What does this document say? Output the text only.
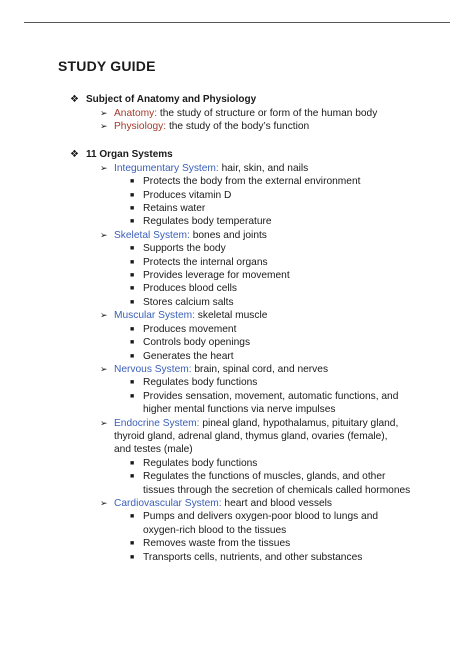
STUDY GUIDE
❖ Subject of Anatomy and Physiology
➢ Anatomy: the study of structure or form of the human body
➢ Physiology: the study of the body’s function
❖ 11 Organ Systems
➢ Integumentary System: hair, skin, and nails
■ Protects the body from the external environment
■ Produces vitamin D
■ Retains water
■ Regulates body temperature
➢ Skeletal System: bones and joints
■ Supports the body
■ Protects the internal organs
■ Provides leverage for movement
■ Produces blood cells
■ Stores calcium salts
➢ Muscular System: skeletal muscle
■ Produces movement
■ Controls body openings
■ Generates the heart
➢ Nervous System: brain, spinal cord, and nerves
■ Regulates body functions
■ Provides sensation, movement, automatic functions, and higher mental functions via nerve impulses
➢ Endocrine System: pineal gland, hypothalamus, pituitary gland, thyroid gland, adrenal gland, thymus gland, ovaries (female), and testes (male)
■ Regulates body functions
■ Regulates the functions of muscles, glands, and other tissues through the secretion of chemicals called hormones
➢ Cardiovascular System: heart and blood vessels
■ Pumps and delivers oxygen-poor blood to lungs and oxygen-rich blood to the tissues
■ Removes waste from the tissues
■ Transports cells, nutrients, and other substances
